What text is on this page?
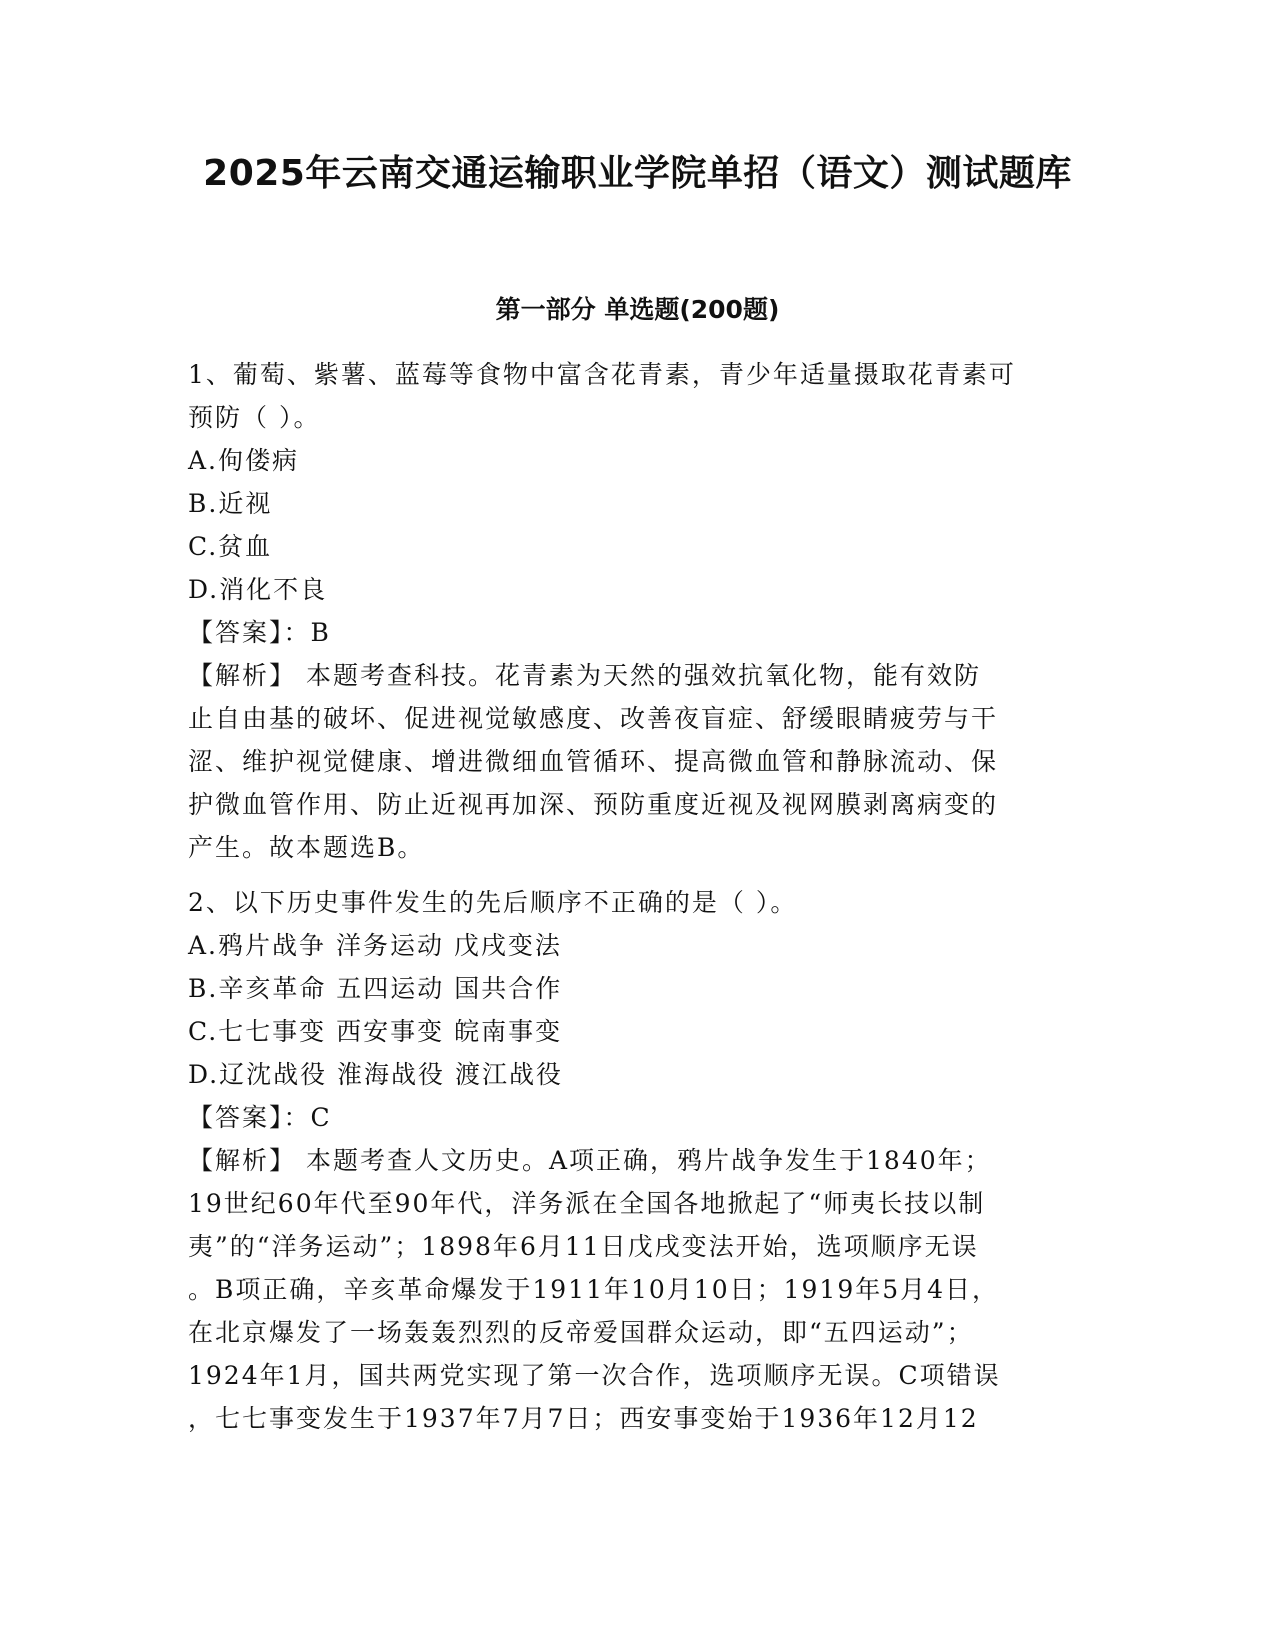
2025年云南交通运输职业学院单招（语文）测试题库
第一部分 单选题(200题)
1、葡萄、紫薯、蓝莓等食物中富含花青素，青少年适量摄取花青素可
预防（ ）。
A.佝偻病
B.近视
C.贫血
D.消化不良
【答案】：B
【解析】 本题考查科技。花青素为天然的强效抗氧化物，能有效防
止自由基的破坏、促进视觉敏感度、改善夜盲症、舒缓眼睛疲劳与干
涩、维护视觉健康、增进微细血管循环、提高微血管和静脉流动、保
护微血管作用、防止近视再加深、预防重度近视及视网膜剥离病变的
产生。故本题选B。
2、以下历史事件发生的先后顺序不正确的是（ ）。
A.鸦片战争 洋务运动 戊戌变法
B.辛亥革命 五四运动 国共合作
C.七七事变 西安事变 皖南事变
D.辽沈战役 淮海战役 渡江战役
【答案】：C
【解析】 本题考查人文历史。A项正确，鸦片战争发生于1840年；
19世纪60年代至90年代，洋务派在全国各地掀起了“师夷长技以制
夷”的“洋务运动”；1898年6月11日戊戌变法开始，选项顺序无误
。B项正确，辛亥革命爆发于1911年10月10日；1919年5月4日，
在北京爆发了一场轰轰烈烈的反帝爱国群众运动，即“五四运动”；
1924年1月，国共两党实现了第一次合作，选项顺序无误。C项错误
，七七事变发生于1937年7月7日；西安事变始于1936年12月12
